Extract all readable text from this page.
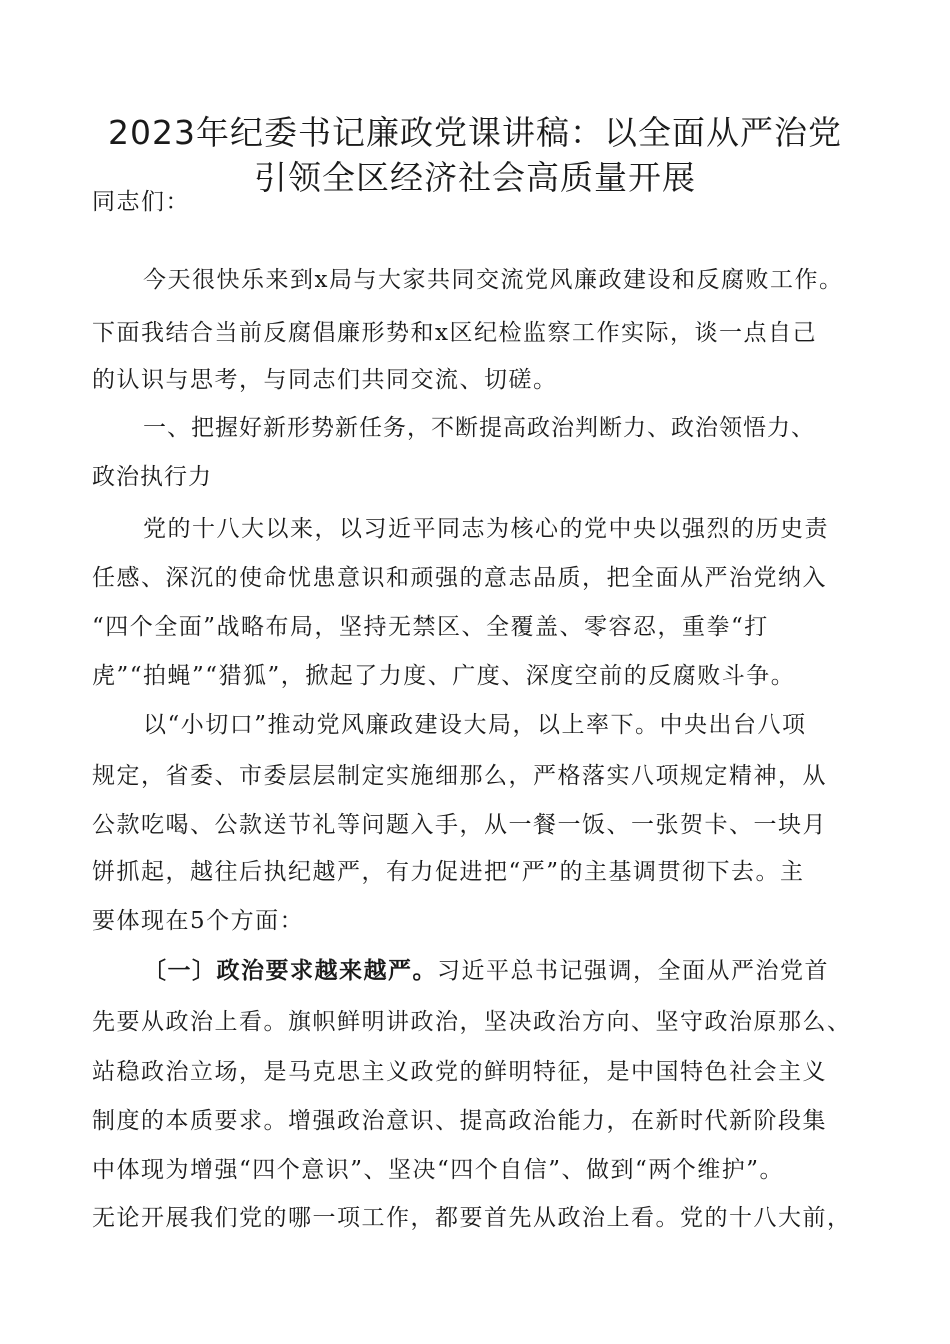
2023年纪委书记廉政党课讲稿：以全面从严治党
引领全区经济社会高质量开展
同志们：
今天很快乐来到x局与大家共同交流党风廉政建设和反腐败工作。
下面我结合当前反腐倡廉形势和x区纪检监察工作实际，谈一点自己
的认识与思考，与同志们共同交流、切磋。
一、把握好新形势新任务，不断提高政治判断力、政治领悟力、
政治执行力
党的十八大以来，以习近平同志为核心的党中央以强烈的历史责
任感、深沉的使命忧患意识和顽强的意志品质，把全面从严治党纳入
“四个全面”战略布局，坚持无禁区、全覆盖、零容忍，重拳“打
虎”“拍蝇”“猎狐”，掀起了力度、广度、深度空前的反腐败斗争。
以“小切口”推动党风廉政建设大局，以上率下。中央出台八项
规定，省委、市委层层制定实施细那么，严格落实八项规定精神，从
公款吃喝、公款送节礼等问题入手，从一餐一饭、一张贺卡、一块月
饼抓起，越往后执纪越严，有力促进把“严”的主基调贯彻下去。主
要体现在5个方面：
〔一〕政治要求越来越严。习近平总书记强调，全面从严治党首
先要从政治上看。旗帜鲜明讲政治，坚决政治方向、坚守政治原那么、
站稳政治立场，是马克思主义政党的鲜明特征，是中国特色社会主义
制度的本质要求。增强政治意识、提高政治能力，在新时代新阶段集
中体现为增强“四个意识”、坚决“四个自信”、做到“两个维护”。
无论开展我们党的哪一项工作，都要首先从政治上看。党的十八大前，
